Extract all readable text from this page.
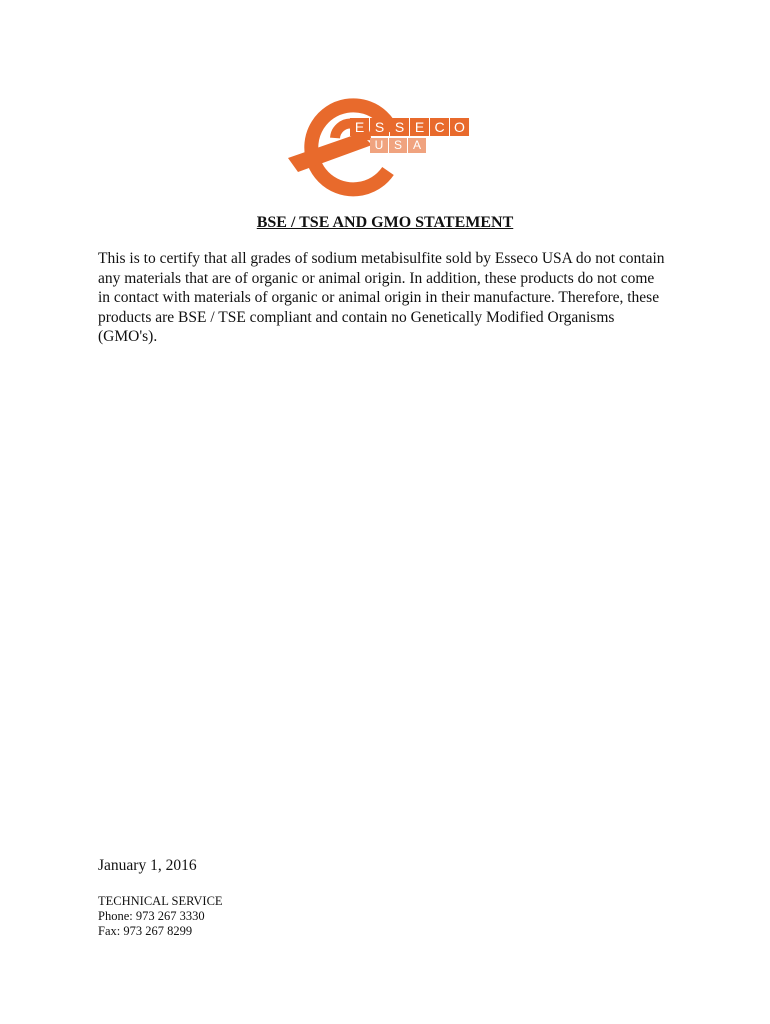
E S S E C O
U S A
BSE / TSE AND GMO STATEMENT

This is to certify that all grades of sodium metabisulfite sold by Esseco USA do not contain any materials that are of organic or animal origin. In addition, these products do not come in contact with materials of organic or animal origin in their manufacture. Therefore, these products are BSE / TSE compliant and contain no Genetically Modified Organisms (GMO's).

January 1, 2016

TECHNICAL SERVICE
Phone: 973 267 3330
Fax: 973 267 8299
